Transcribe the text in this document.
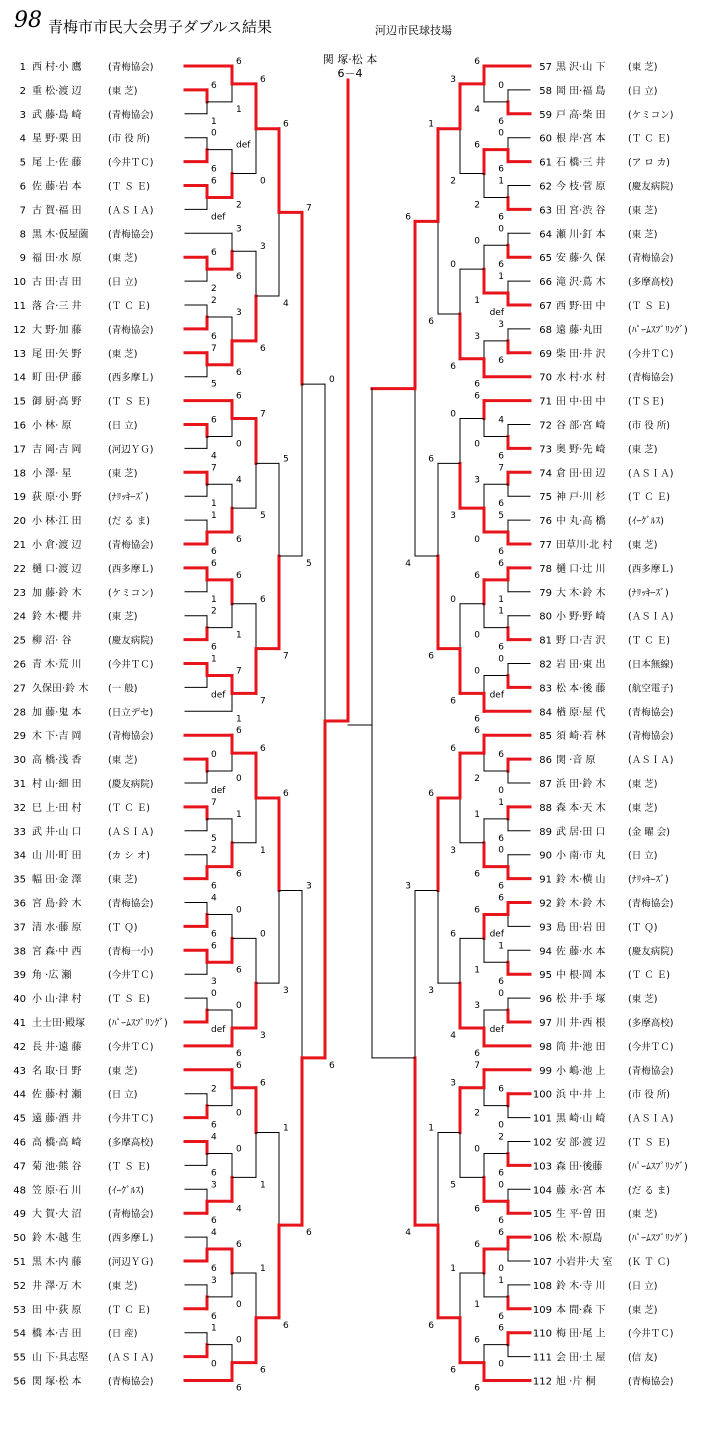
98 青梅市市民大会男子ダブルス結果	河辺市民球技場
6
1
6
1
0
6
6
def
def
2
6
0
6
2
3
6
2
6
7
5
3
6
3
6
6
4
6
4
6
0
7
1
1
6
4
6
7
5
6
1
2
6
6
1
1
def
7
1
6
7
5
7
7
5
0
def
6
0
7
5
2
6
1
6
6
1
4
6
6
3
0
6
0
def
0
6
0
3
6
3
2
6
6
0
4
6
3
6
0
4
6
1
4
6
3
6
6
0
1
0
0
6
1
6
1
6
3
6
0
6
0
6
6
4
0
6
1
6
6
2
3
2
0
6
1
def
0
1
3
6
3
6
0
6
1
6
4
6
6
0
7
6
5
6
3
0
0
3
6
1
1
6
6
0
0
def
0
6
0
6
6
6
6
4
6
0
6
2
1
6
0
6
1
6
6
3
6
def
1
6
6
1
0
def
3
6
6
4
6
3
6
0
7
2
2
6
0
6
0
6
3
5
6
0
1
6
6
1
6
0
6
6
1
6
1
6
3
4
1 西 村·小 鷹	(青梅協会)
2 重 松·渡 辺	(東 芝)
3 武 藤·島 崎	(青梅協会)
4 星 野·栗 田	(市 役 所)
5 尾 上·佐 藤	(今井ＴＣ)
6 佐 藤·岩 本	(Ｔ Ｓ Ｅ)
7 古 賀·福 田	(ＡＳＩＡ)
8 黒 木·仮屋薗 (青梅協会)
9 福 田·水 原	(東 芝)
10 古 田·吉 田	(日 立)
11 落 合·三 井	(Ｔ Ｃ Ｅ)
12 大 野·加 藤	(青梅協会)
13 尾 田·矢 野	(東 芝)
14 町 田·伊 藤	(西多摩Ｌ)
15 御 厨·高 野	(Ｔ Ｓ Ｅ)
16 小 林· 原	(日 立)
17 吉 岡·吉 岡	(河辺ＹＧ)
18 小 澤· 星	(東 芝)
19 荻 原·小 野	(ﾅﾘｯｷｰｽﾞ)
20 小 林·江 田	(だ る ま)
21 小 倉·渡 辺	(青梅協会)
22 樋 口·渡 辺	(西多摩Ｌ)
23 加 藤·鈴 木	(ケミコン)
24 鈴 木·櫻 井	(東 芝)
25 柳 沼· 谷	(慶友病院)
26 青 木·荒 川	(今井ＴＣ)
27 久保田·鈴 木 (一 般)
28 加 藤·鬼 本	(日立デセ)
29 木 下·吉 岡	(青梅協会)
30 高 橋·浅 香	(東 芝)
31 村 山·細 田	(慶友病院)
32 巳 上·田 村	(Ｔ Ｃ Ｅ)
33 武 井·山 口	(ＡＳＩＡ)
34 山 川·町 田	(カ シ オ)
35 幅 田·金 澤	(東 芝)
36 宮 島·鈴 木	(青梅協会)
37 清 水·藤 原	(Ｔ Ｑ)
38 宮 森·中 西	(青梅一小)
39 角 ·広 瀬	(今井ＴＣ)
40 小 山·津 村	(Ｔ Ｓ Ｅ)
41 土士田·殿塚 (ﾊﾟｰﾑｽﾌﾟﾘﾝｸﾞ)
42 長 井·遠 藤	(今井ＴＣ)
43 名 取·日 野	(東 芝)
44 佐 藤·村 瀬	(日 立)
45 遠 藤·酒 井	(今井ＴＣ)
46 高 橋·高 崎	(多摩高校)
47 菊 池·熊 谷	(Ｔ Ｓ Ｅ)
48 笠 原·石 川	(ｲｰｸﾞﾙｽ)
49 大 賀·大 沼	(青梅協会)
50 鈴 木·越 生	(西多摩Ｌ)
51 黒 木·内 藤	(河辺ＹＧ)
52 井 澤·万 木	(東 芝)
53 田 中·荻 原	(Ｔ Ｃ Ｅ)
54 橋 本·吉 田	(日 産)
55 山 下·具志堅 (ＡＳＩＡ)
56 関 塚·松 本	(青梅協会)
57 黒 沢·山 下 (東 芝)
58 岡 田·福 島 (日 立)
59 戸 高·柴 田 (ケミコン)
60 根 岸·宮 本 (Ｔ Ｃ Ｅ)
61 石 橋·三 井 (ア ロ カ)
62 今 枝·菅 原 (慶友病院)
63 田 宮·渋 谷 (東 芝)
64 瀬 川·釘 本 (東 芝)
65 安 藤·久 保 (青梅協会)
66 滝 沢·蔦 木 (多摩高校)
67 西 野·田 中 (Ｔ Ｓ Ｅ)
68 遠 藤·丸田	(ﾊﾟｰﾑｽﾌﾟﾘﾝｸﾞ)
69 柴 田·井 沢 (今井ＴＣ)
70 水 村·水 村 (青梅協会)
71 田 中·田 中 (ＴＳＥ)
72 谷 部·宮 崎 (市 役 所)
73 奥 野·先 崎 (東 芝)
74 倉 田·田 辺 (ＡＳＩＡ)
75 神 戸·川 杉 (Ｔ Ｃ Ｅ)
76 中 丸·高 橋 (ｲｰｸﾞﾙｽ)
77 田草川·北 村 (東 芝)
78 樋 口·辻 川 (西多摩Ｌ)
79 大 木·鈴 木 (ﾅﾘｯｷｰｽﾞ)
80 小 野·野 崎 (ＡＳＩＡ)
81 野 口·吉 沢 (Ｔ Ｃ Ｅ)
82 岩 田·東 出 (日本無線)
83 松 本·後 藤 (航空電子)
84 楢 原·屋 代 (青梅協会)
85 須 崎·若 林 (青梅協会)
86 関 ·音 原	(ＡＳＩＡ)
87 浜 田·鈴 木 (東 芝)
88 森 本·天 木 (東 芝)
89 武 居·田 口 (金 曜 会)
90 小 南·市 丸 (日 立)
91 鈴 木·横 山 (ﾅﾘｯｷｰｽﾞ)
92 鈴 木·鈴 木 (青梅協会)
93 島 田·岩 田 (Ｔ Ｑ)
94 佐 藤·水 本 (慶友病院)
95 中 根·岡 本 (Ｔ Ｃ Ｅ)
96 松 井·手 塚 (東 芝)
97 川 井·西 根 (多摩高校)
98 筒 井·池 田 (今井ＴＣ)
99 小 嶋·池 上 (青梅協会)
100 浜 中·井 上 (市 役 所)
101 黒 崎·山 崎 (ＡＳＩＡ)
102 安 部·渡 辺 (Ｔ Ｓ Ｅ)
103 森 田·後藤	(ﾊﾟｰﾑｽﾌﾟﾘﾝｸﾞ)
104 藤 永·宮 本 (だ る ま)
105 生 平·曽 田 (東 芝)
106 松 木·原島	(ﾊﾟｰﾑｽﾌﾟﾘﾝｸﾞ)
107 小岩井·大 室 (Ｋ Ｔ Ｃ)
108 鈴 木·寺 川 (日 立)
109 本 間·森 下 (東 芝)
110 梅 田·尾 上 (今井ＴＣ)
111 会 田·土 屋 (信 友)
112 旭 ·片 桐	(青梅協会)
関 塚·松 本
6－4
